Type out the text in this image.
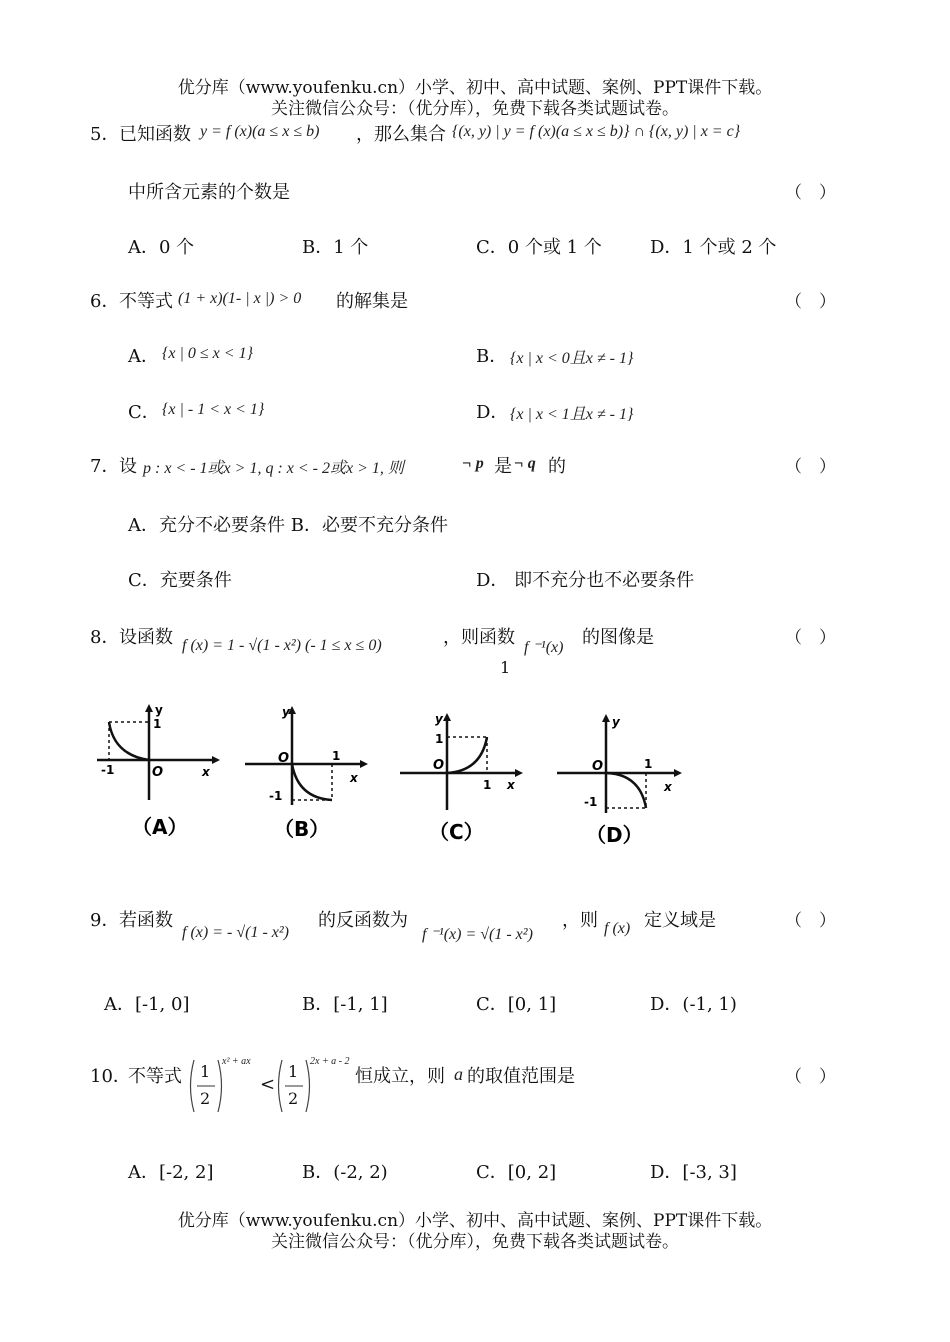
优分库（www.youfenku.cn）小学、初中、高中试题、案例、PPT课件下载。
关注微信公众号：（优分库），免费下载各类试题试卷。
5． 已知函数 y = f (x)(a ≤ x ≤ b) ，那么集合 {(x, y) | y = f (x)(a ≤ x ≤ b)} ∩ {(x, y) | x = c}
中所含元素的个数是	（　）
A．0 个	B．1 个	C．0 个或 1 个	D．1 个或 2 个
6． 不等式 (1 + x)(1- | x |) > 0 的解集是	（　）
A． {x | 0 ≤ x < 1}	B． {x | x < 0且x ≠ - 1}
C． {x | - 1 < x < 1}	D． {x | x < 1且x ≠ - 1}
7． 设 p : x < - 1或x > 1, q : x < - 2或x > 1, 则	¬ p 是 ¬ q 的	（　）
A．充分不必要条件 B．必要不充分条件
C．充要条件	D． 即不充分也不必要条件
8． 设函数 f (x) = 1 - √(1 - x²) (- 1 ≤ x ≤ 0)	，则函数 f ⁻¹(x) 的图像是
1
（　）
y
1
-1	O	x
（A）
y
O	1
-1
x
（B）
y
1
O
1 x
（C）
y
O	1
-1
x
（D）
9． 若函数
f (x) = - √(1 - x²)
的反函数为
f ⁻¹(x) = √(1 - x²)
，则 f (x) 定义域是	（　）
A．[-1, 0]	B．[-1, 1]	C．[0, 1]	D．(-1, 1)
10．
不等式 1
2
x² + ax
<
1
2
2x + a - 2
恒成立，则 a 的取值范围是	（　）
A．[-2, 2]	B．(-2, 2)	C．[0, 2]	D．[-3, 3]
优分库（www.youfenku.cn）小学、初中、高中试题、案例、PPT课件下载。
关注微信公众号：（优分库），免费下载各类试题试卷。
